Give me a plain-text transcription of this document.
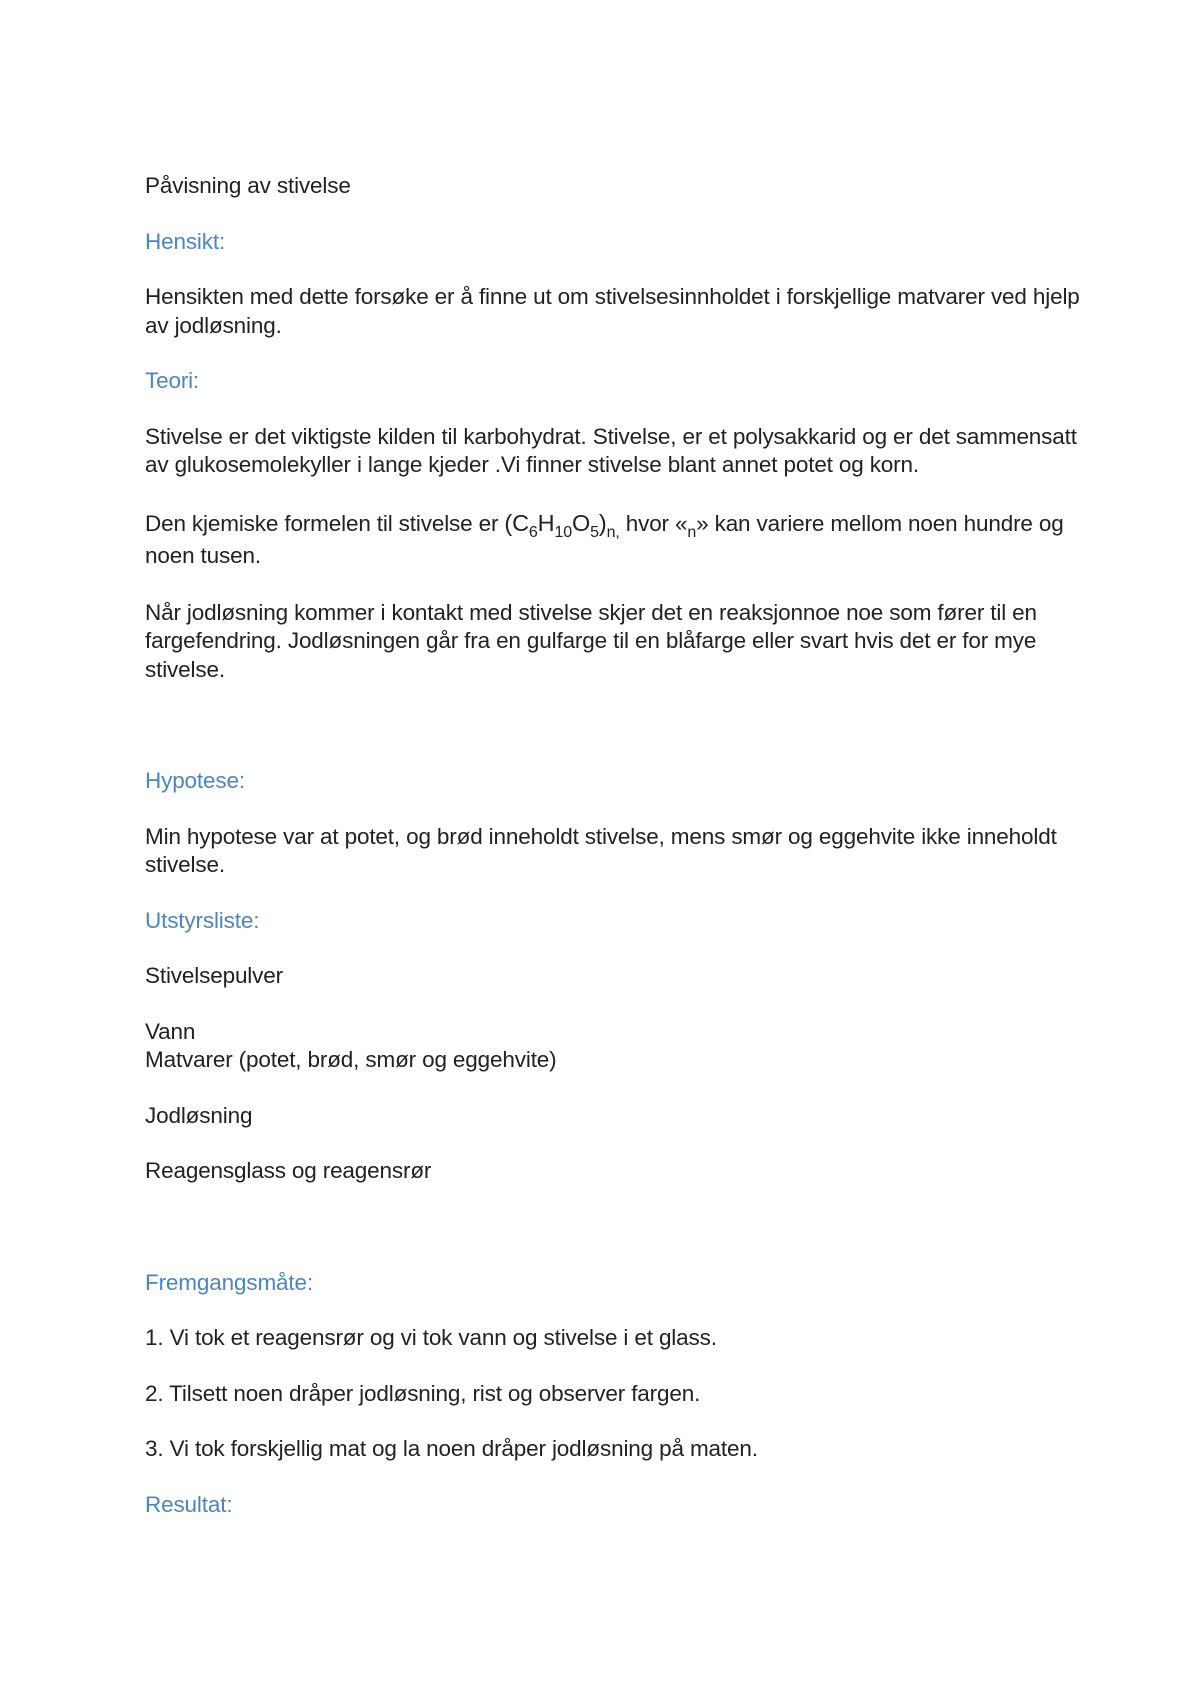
Påvisning av stivelse

Hensikt:

Hensikten med dette forsøke er å finne ut om stivelsesinnholdet i forskjellige matvarer ved hjelp av jodløsning.

Teori:

Stivelse er det viktigste kilden til karbohydrat. Stivelse, er et polysakkarid og er det sammensatt av glukosemolekyller i lange kjeder .Vi finner stivelse blant annet potet og korn.

Den kjemiske formelen til stivelse er $(C_6H_{10}O_5)_{n,}$ hvor «$_n$» kan variere mellom noen hundre og noen tusen.

Når jodløsning kommer i kontakt med stivelse skjer det en reaksjonnoe noe som fører til en fargefendring. Jodløsningen går fra en gulfarge til en blåfarge eller svart hvis det er for mye stivelse.

Hypotese:

Min hypotese var at potet, og brød inneholdt stivelse, mens smør og eggehvite ikke inneholdt stivelse.

Utstyrsliste:

Stivelsepulver

Vann

Matvarer (potet, brød, smør og eggehvite)

Jodløsning

Reagensglass og reagensrør

Fremgangsmåte:

1. Vi tok et reagensrør og vi tok vann og stivelse i et glass.

2. Tilsett noen dråper jodløsning, rist og observer fargen.

3. Vi tok forskjellig mat og la noen dråper jodløsning på maten.

Resultat:
